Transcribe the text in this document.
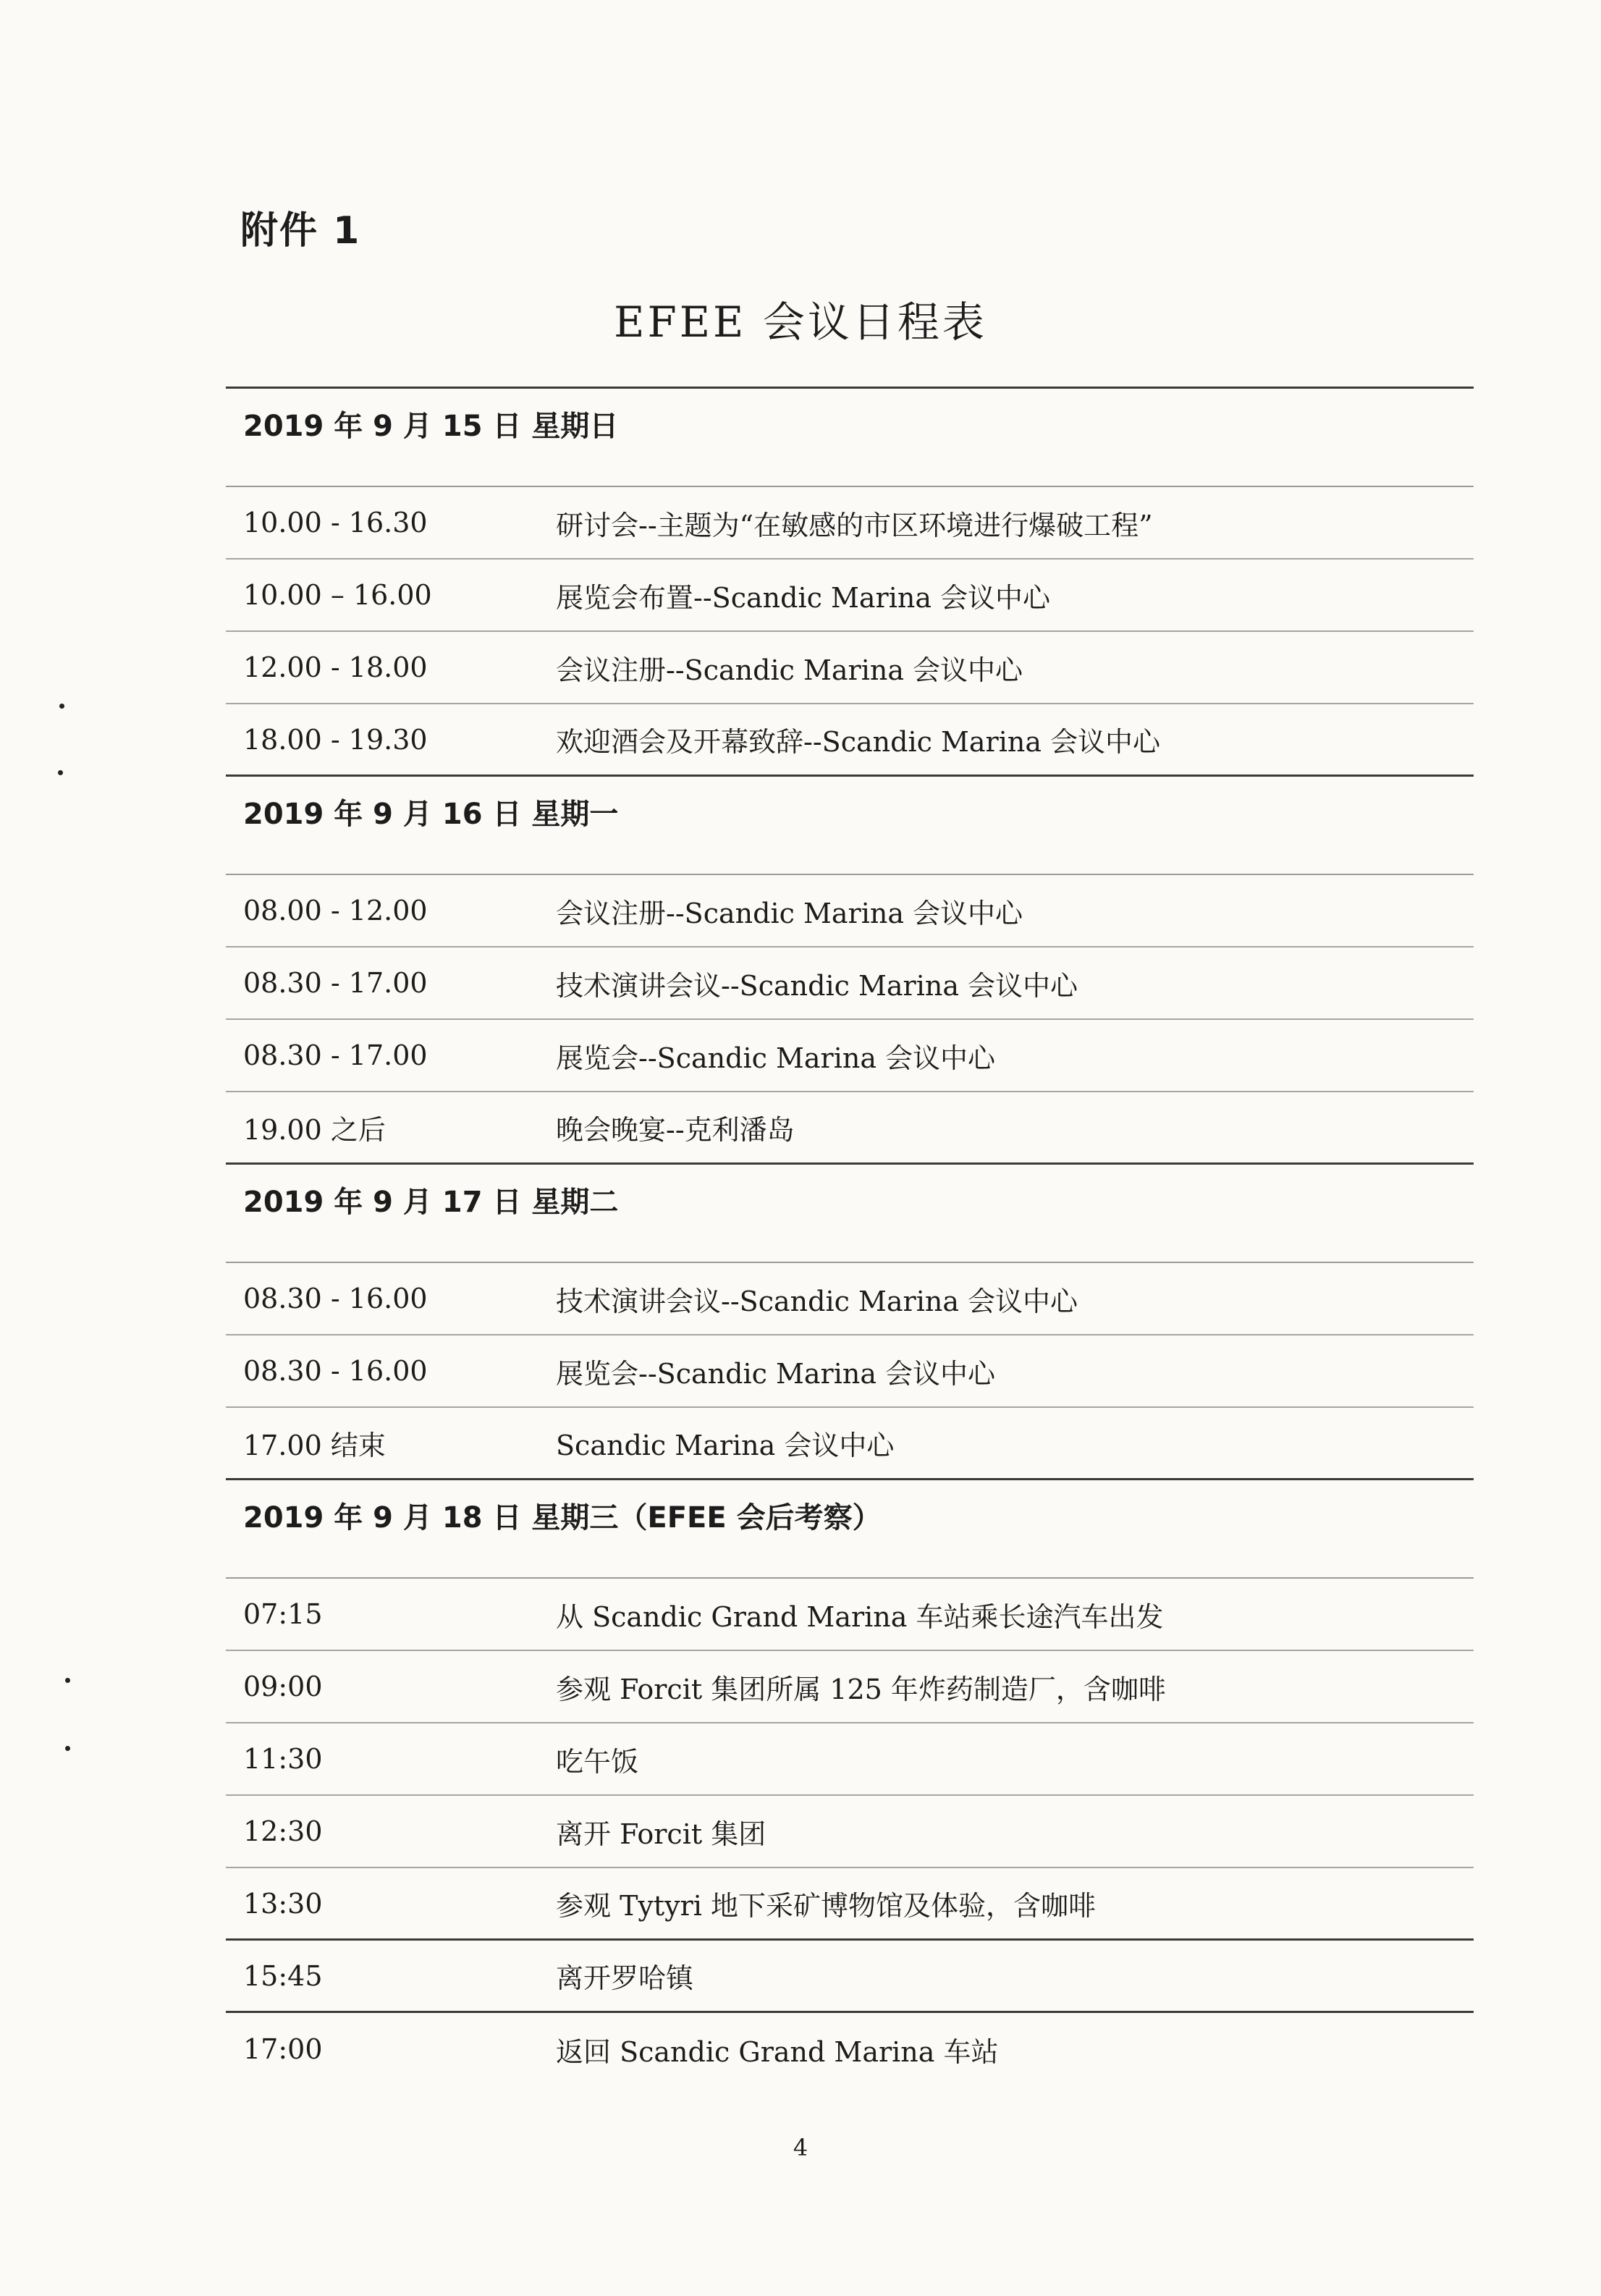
附件 1
EFEE 会议日程表
2019 年 9 月 15 日 星期日
10.00 - 16.30	研讨会--主题为“在敏感的市区环境进行爆破工程”
10.00 – 16.00	展览会布置--Scandic Marina 会议中心
12.00 - 18.00	会议注册--Scandic Marina 会议中心
18.00 - 19.30	欢迎酒会及开幕致辞--Scandic Marina 会议中心
2019 年 9 月 16 日 星期一
08.00 - 12.00	会议注册--Scandic Marina 会议中心
08.30 - 17.00	技术演讲会议--Scandic Marina 会议中心
08.30 - 17.00	展览会--Scandic Marina 会议中心
19.00 之后	晚会晚宴--克利潘岛
2019 年 9 月 17 日 星期二
08.30 - 16.00	技术演讲会议--Scandic Marina 会议中心
08.30 - 16.00	展览会--Scandic Marina 会议中心
17.00 结束	Scandic Marina 会议中心
2019 年 9 月 18 日 星期三（EFEE 会后考察）
07:15	从 Scandic Grand Marina 车站乘长途汽车出发
09:00	参观 Forcit 集团所属 125 年炸药制造厂，含咖啡
11:30	吃午饭
12:30	离开 Forcit 集团
13:30	参观 Tytyri 地下采矿博物馆及体验，含咖啡
15:45	离开罗哈镇
17:00	返回 Scandic Grand Marina 车站
4
